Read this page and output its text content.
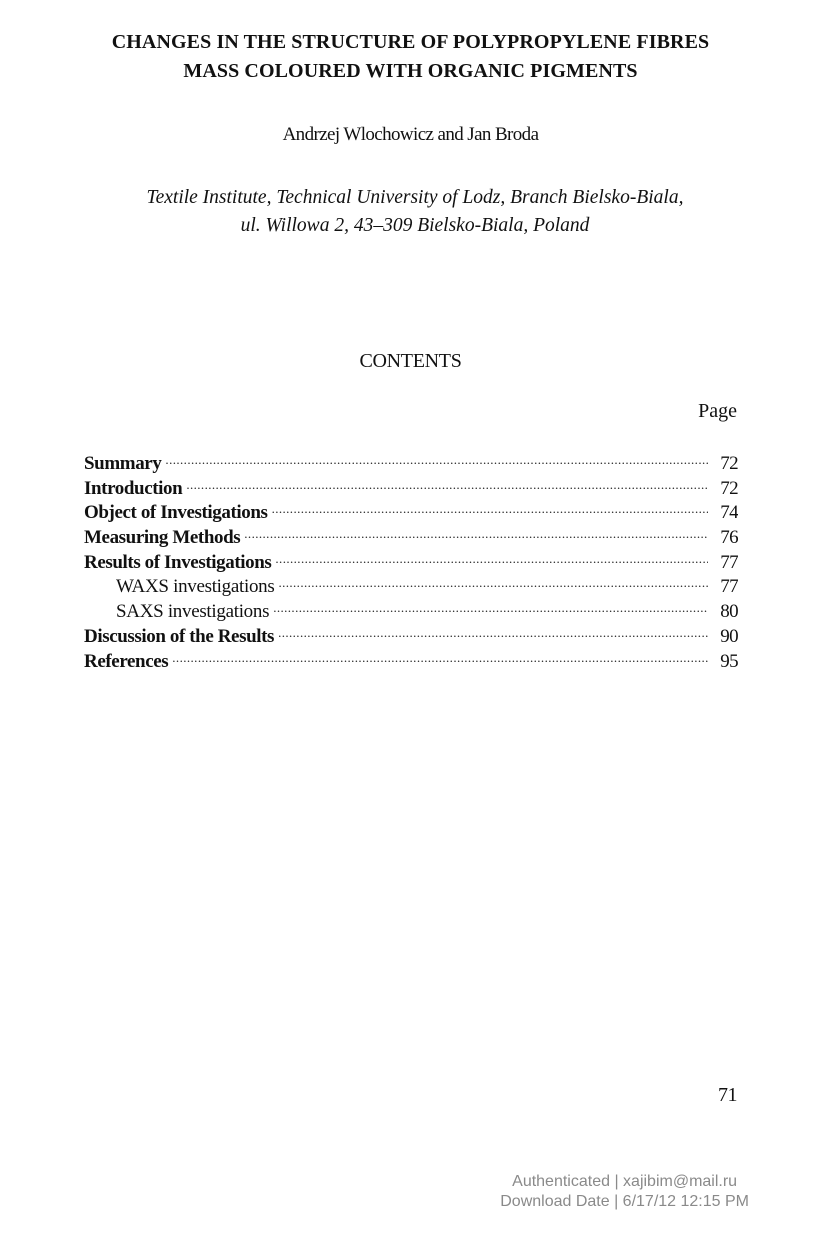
CHANGES IN THE STRUCTURE OF POLYPROPYLENE FIBRES
MASS COLOURED WITH ORGANIC PIGMENTS
Andrzej Wlochowicz and Jan Broda
Textile Institute, Technical University of Lodz, Branch Bielsko-Biala,
ul. Willowa 2, 43–309 Bielsko-Biala, Poland
CONTENTS
Page
Summary .....	72
Introduction .....	72
Object of Investigations .....	74
Measuring Methods .....	76
Results of Investigations .....	77
WAXS investigations .....	77
SAXS investigations .....	80
Discussion of the Results .....	90
References .....	95
71
Authenticated | xajibim@mail.ru
Download Date | 6/17/12 12:15 PM
